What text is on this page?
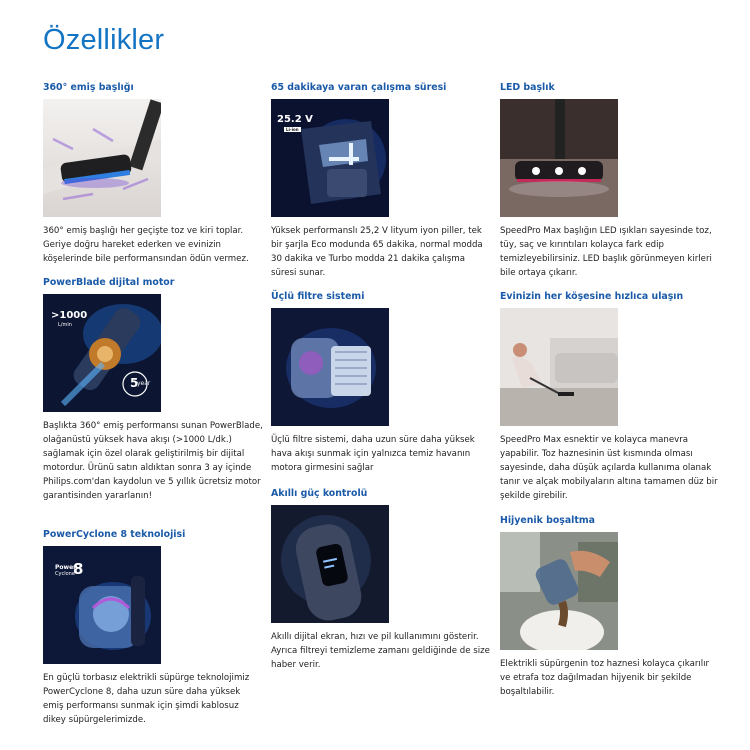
Özellikler
360° emiş başlığı

360° emiş başlığı her geçişte toz ve kiri toplar. Geriye doğru hareket ederken ve evinizin köşelerinde bile performansından ödün vermez.

PowerBlade dijital motor
>1000
L/min
5
year

Başlıkta 360° emiş performansı sunan PowerBlade, olağanüstü yüksek hava akışı (>1000 L/dk.) sağlamak için özel olarak geliştirilmiş bir dijital motordur. Ürünü satın aldıktan sonra 3 ay içinde Philips.com'dan kaydolun ve 5 yıllık ücretsiz motor garantisinden yararlanın!

PowerCyclone 8 teknolojisi
Power
Cyclone
8

En güçlü torbasız elektrikli süpürge teknolojimiz PowerCyclone 8, daha uzun süre daha yüksek emiş performansı sunmak için şimdi kablosuz dikey süpürgelerimizde.

65 dakikaya varan çalışma süresi
25.2 V
Li-ion

Yüksek performanslı 25,2 V lityum iyon piller, tek bir şarjla Eco modunda 65 dakika, normal modda 30 dakika ve Turbo modda 21 dakika çalışma süresi sunar.

Üçlü filtre sistemi

Üçlü filtre sistemi, daha uzun süre daha yüksek hava akışı sunmak için yalnızca temiz havanın motora girmesini sağlar

Akıllı güç kontrolü

Akıllı dijital ekran, hızı ve pil kullanımını gösterir. Ayrıca filtreyi temizleme zamanı geldiğinde de size haber verir.

LED başlık

SpeedPro Max başlığın LED ışıkları sayesinde toz, tüy, saç ve kırıntıları kolayca fark edip temizleyebilirsiniz. LED başlık görünmeyen kirleri bile ortaya çıkarır.

Evinizin her köşesine hızlıca ulaşın

SpeedPro Max esnektir ve kolayca manevra yapabilir. Toz haznesinin üst kısmında olması sayesinde, daha düşük açılarda kullanıma olanak tanır ve alçak mobilyaların altına tamamen düz bir şekilde girebilir.

Hijyenik boşaltma

Elektrikli süpürgenin toz haznesi kolayca çıkarılır ve etrafa toz dağılmadan hijyenik bir şekilde boşaltılabilir.
